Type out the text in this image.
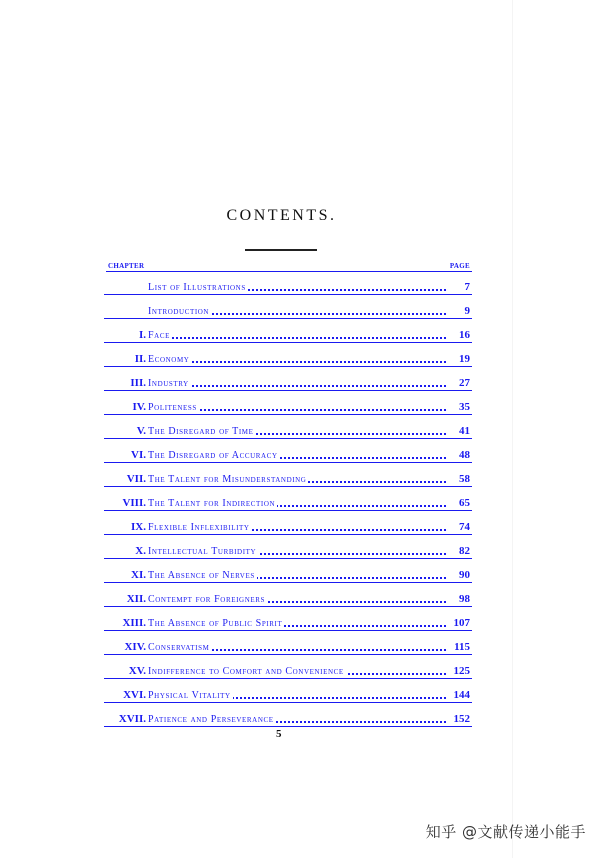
CONTENTS.
CHAPTER	PAGE
List of Illustrations	7
Introduction	9
I. Face	16
II. Economy	19
III. Industry	27
IV. Politeness	35
V. The Disregard of Time	41
VI. The Disregard of Accuracy	48
VII. The Talent for Misunderstanding	58
VIII. The Talent for Indirection	65
IX. Flexible Inflexibility	74
X. Intellectual Turbidity	82
XI. The Absence of Nerves	90
XII. Contempt for Foreigners	98
XIII. The Absence of Public Spirit	107
XIV. Conservatism	115
XV. Indifference to Comfort and Convenience	125
XVI. Physical Vitality	144
XVII. Patience and Perseverance	152
5
知乎 @文献传递小能手
